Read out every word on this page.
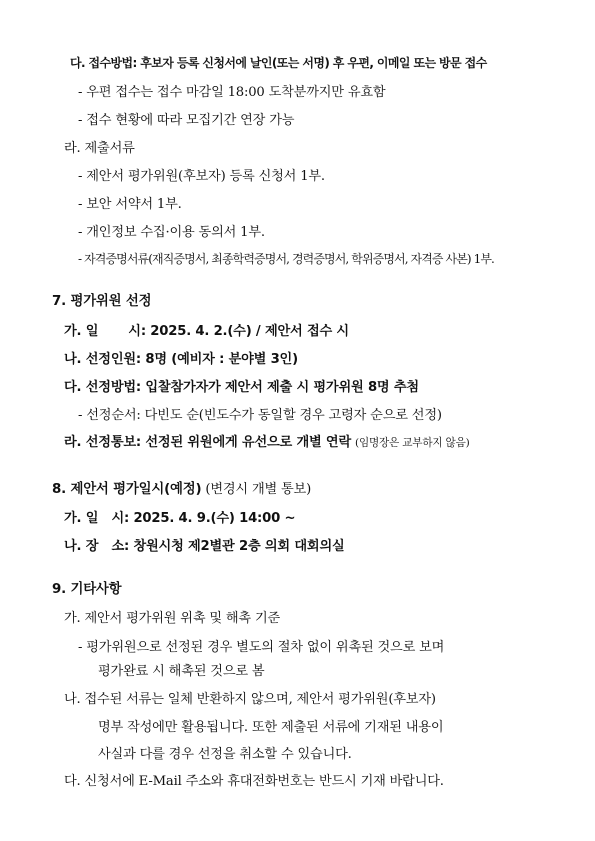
다. 접수방법: 후보자 등록 신청서에 날인(또는 서명) 후 우편, 이메일 또는 방문 접수
- 우편 접수는 접수 마감일 18:00 도착분까지만 유효함
- 접수 현황에 따라 모집기간 연장 가능
라. 제출서류
- 제안서 평가위원(후보자) 등록 신청서 1부.
- 보안 서약서 1부.
- 개인정보 수집·이용 동의서 1부.
- 자격증명서류(재직증명서, 최종학력증명서, 경력증명서, 학위증명서, 자격증 사본) 1부.
7. 평가위원 선정
가. 일 시: 2025. 4. 2.(수) / 제안서 접수 시
나. 선정인원: 8명 (예비자 : 분야별 3인)
다. 선정방법: 입찰참가자가 제안서 제출 시 평가위원 8명 추첨
- 선정순서: 다빈도 순(빈도수가 동일할 경우 고령자 순으로 선정)
라. 선정통보: 선정된 위원에게 유선으로 개별 연락 (임명장은 교부하지 않음)
8. 제안서 평가일시(예정) (변경시 개별 통보)
가. 일   시: 2025. 4. 9.(수) 14:00 ~
나. 장   소: 창원시청 제2별관 2층 의회 대회의실
9. 기타사항
가. 제안서 평가위원 위촉 및 해촉 기준
- 평가위원으로 선정된 경우 별도의 절차 없이 위촉된 것으로 보며
평가완료 시 해촉된 것으로 봄
나. 접수된 서류는 일체 반환하지 않으며, 제안서 평가위원(후보자)
명부 작성에만 활용됩니다. 또한 제출된 서류에 기재된 내용이
사실과 다를 경우 선정을 취소할 수 있습니다.
다. 신청서에 E-Mail 주소와 휴대전화번호는 반드시 기재 바랍니다.
